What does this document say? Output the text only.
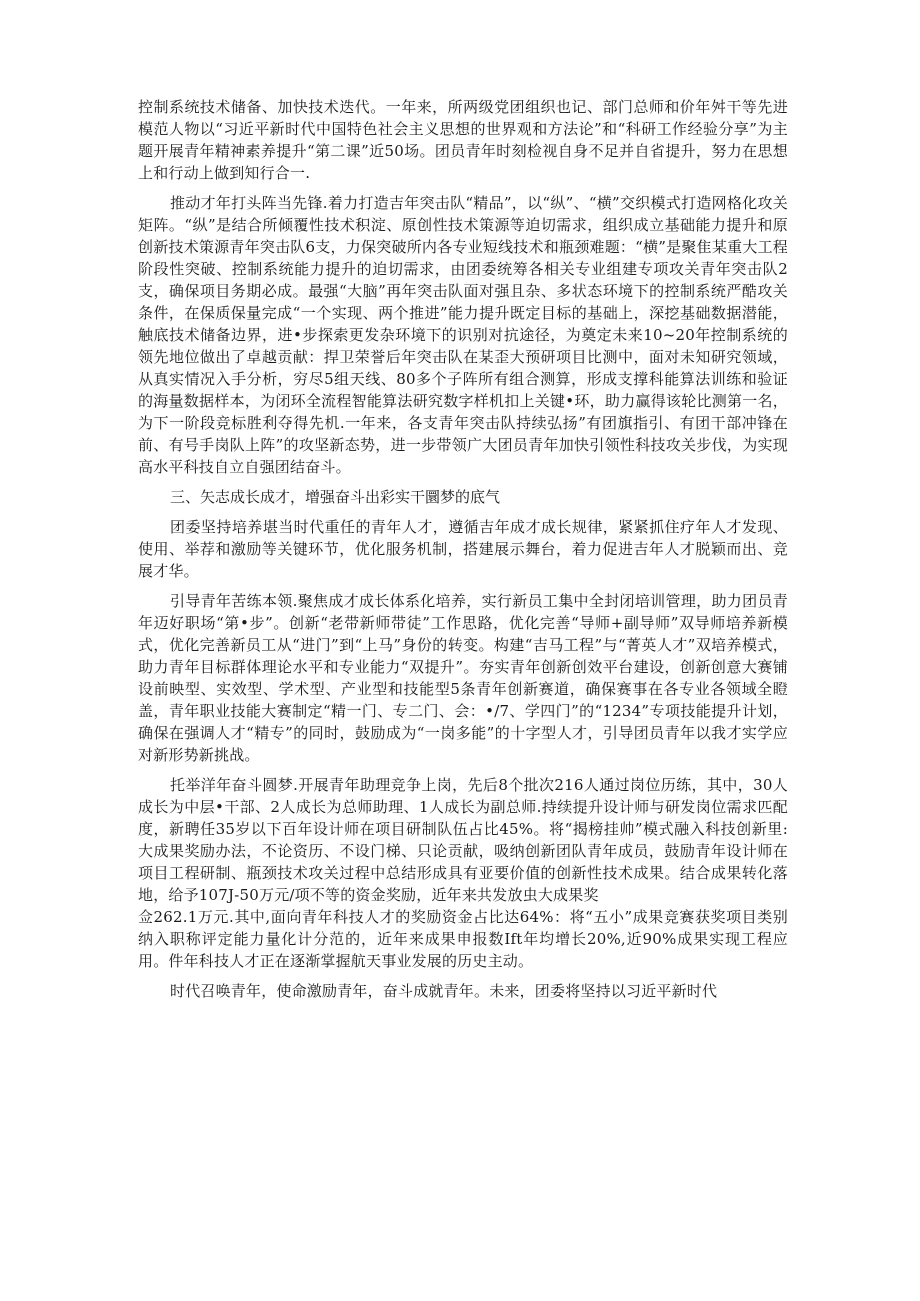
控制系统技术储备、加快技术迭代。一年来，所两级党团组织也记、部门总师和价年舛干等先进模范人物以“习近平新时代中国特色社会主义思想的世界观和方法论”和“科研工作经验分享”为主题开展青年精神素养提升“第二课”近50场。团员青年时刻检视自身不足并自省提升，努力在思想上和行动上做到知行合一.

推动才年打头阵当先锋.着力打造吉年突击队“精品”，以“纵”、“横”交织模式打造网格化攻关矩阵。“纵”是结合所倾覆性技术积淀、原创性技术策源等迫切需求，组织成立基础能力提升和原创新技术策源青年突击队6支，力保突破所内各专业短线技术和瓶颈难题：“横”是聚隹某重大工程阶段性突破、控制系统能力提升的迫切需求，由团委统筹各相关专业组建专项攻关青年突击队2支，确保项目务期必成。最强“大脑”再年突击队面对强且杂、多状态环境下的控制系统严酷攻关条件，在保质保量完成“一个实现、两个推进”能力提升既定目标的基础上，深挖基础数据潜能，触底技术储备边界，进•步探索更发杂环境下的识别对抗途径，为奠定未来10~20年控制系统的领先地位做出了卓越贡献：捍卫荣誉后年突击队在某歪大预研项目比测中，面对未知研究领域，从真实情况入手分析，穷尽5组天线、80多个子阵所有组合测算，形成支撑科能算法训练和验证的海量数据样本，为闭环全流程智能算法研究数字样机扣上关键•环，助力赢得该轮比测第一名，为下一阶段竞标胜利夺得先机.一年来，各支青年突击队持续弘扬”有团旗指引、有团干部冲锋在前、有号手岗队上阵”的攻坚新态势，进一步带领广大团员青年加快引领性科技攻关步伐，为实现高水平科技自立自强团结奋斗。

三、矢志成长成才，增强奋斗出彩实干圜梦的底气

团委坚持培养堪当时代重任的青年人才，遵循吉年成才成长规律，紧紧抓住疗年人才发现、使用、举荐和激励等关键环节，优化服务机制，搭建展示舞台，着力促进吉年人才脱颖而出、竞展才华。

引导青年苦练本领.聚焦成才成长体系化培养，实行新员工集中全封闭培训管理，助力团员青年迈好职场“第•步”。创新“老带新师带徒”工作思路，优化完善“导师+副导师”双导师培养新模式，优化完善新员工从“进门”到“上马”身份的转变。构建“吉马工程”与“菁英人才”双培养模式，助力青年目标群体理论水平和专业能力“双提升”。夯实青年创新创效平台建设，创新创意大赛铺设前映型、实效型、学术型、产业型和技能型5条青年创新赛道，确保赛事在各专业各领域全瞪盖，青年职业技能大赛制定“精一门、专二门、会：•/7、学四门”的“1234”专项技能提升计划，确保在强调人才“精专”的同时，鼓励成为“一岗多能”的十字型人才，引导团员青年以我才实学应对新形势新挑战。

托举洋年奋斗圆梦.开展青年助理竞争上岗，先后8个批次216人通过岗位历练，其中，30人成长为中层•干部、2人成长为总师助理、1人成长为副总师.持续提升设计师与研发岗位需求匹配度，新聘任35岁以下百年设计师在项目研制队伍占比45%。将“揭榜挂帅”模式融入科技创新里:大成果奖励办法，不论资历、不设门梯、只论贡献，吸纳创新团队青年成员，鼓励青年设计师在项目工程研制、瓶颈技术攻关过程中总结形成具有亚要价值的创新性技术成果。结合成果转化落地，给予107J-50万元/项不等的资金奖励，近年来共发放虫大成果奖

佥262.1万元.其中,面向青年科技人才的奖励资金占比达64%：将“五小”成果竞赛获奖项目类别纳入职称评定能力量化计分范的，近年来成果申报数Ift年均增长20%,近90%成果实现工程应用。件年科技人才正在逐渐掌握航天事业发展的历史主动。

时代召唤青年，使命激励青年，奋斗成就青年。未来，团委将坚持以习近平新时代
